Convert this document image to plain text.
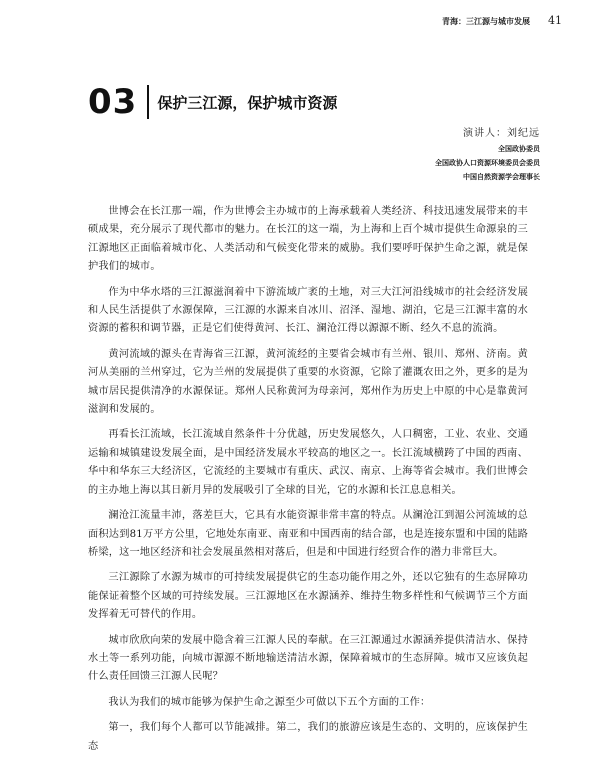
青海：三江源与城市发展 41
03 保护三江源，保护城市资源
演讲人：刘纪远
全国政协委员
全国政协人口资源环境委员会委员
中国自然资源学会理事长

世博会在长江那一端，作为世博会主办城市的上海承载着人类经济、科技迅速发展带来的丰硕成果，充分展示了现代都市的魅力。在长江的这一端，为上海和上百个城市提供生命源泉的三江源地区正面临着城市化、人类活动和气候变化带来的威胁。我们要呼吁保护生命之源，就是保护我们的城市。

作为中华水塔的三江源滋润着中下游流域广袤的土地，对三大江河沿线城市的社会经济发展和人民生活提供了水源保障，三江源的水源来自冰川、沼泽、湿地、湖泊，它是三江源丰富的水资源的蓄积和调节器，正是它们使得黄河、长江、澜沧江得以源源不断、经久不息的流淌。

黄河流域的源头在青海省三江源，黄河流经的主要省会城市有兰州、银川、郑州、济南。黄河从美丽的兰州穿过，它为兰州的发展提供了重要的水资源，它除了灌溉农田之外，更多的是为城市居民提供清净的水源保证。郑州人民称黄河为母亲河，郑州作为历史上中原的中心是靠黄河滋润和发展的。

再看长江流域，长江流域自然条件十分优越，历史发展悠久，人口稠密，工业、农业、交通运输和城镇建设发展全面，是中国经济发展水平较高的地区之一。长江流域横跨了中国的西南、华中和华东三大经济区，它流经的主要城市有重庆、武汉、南京、上海等省会城市。我们世博会的主办地上海以其日新月异的发展吸引了全球的目光，它的水源和长江息息相关。

澜沧江流量丰沛，落差巨大，它具有水能资源非常丰富的特点。从澜沧江到湄公河流域的总面积达到81万平方公里，它地处东南亚、南亚和中国西南的结合部，也是连接东盟和中国的陆路桥梁，这一地区经济和社会发展虽然相对落后，但是和中国进行经贸合作的潜力非常巨大。

三江源除了水源为城市的可持续发展提供它的生态功能作用之外，还以它独有的生态屏障功能保证着整个区域的可持续发展。三江源地区在水源涵养、维持生物多样性和气候调节三个方面发挥着无可替代的作用。

城市欣欣向荣的发展中隐含着三江源人民的奉献。在三江源通过水源涵养提供清洁水、保持水土等一系列功能，向城市源源不断地输送清洁水源，保障着城市的生态屏障。城市又应该负起什么责任回馈三江源人民呢？

我认为我们的城市能够为保护生命之源至少可做以下五个方面的工作：

第一，我们每个人都可以节能减排。第二，我们的旅游应该是生态的、文明的，应该保护生态
